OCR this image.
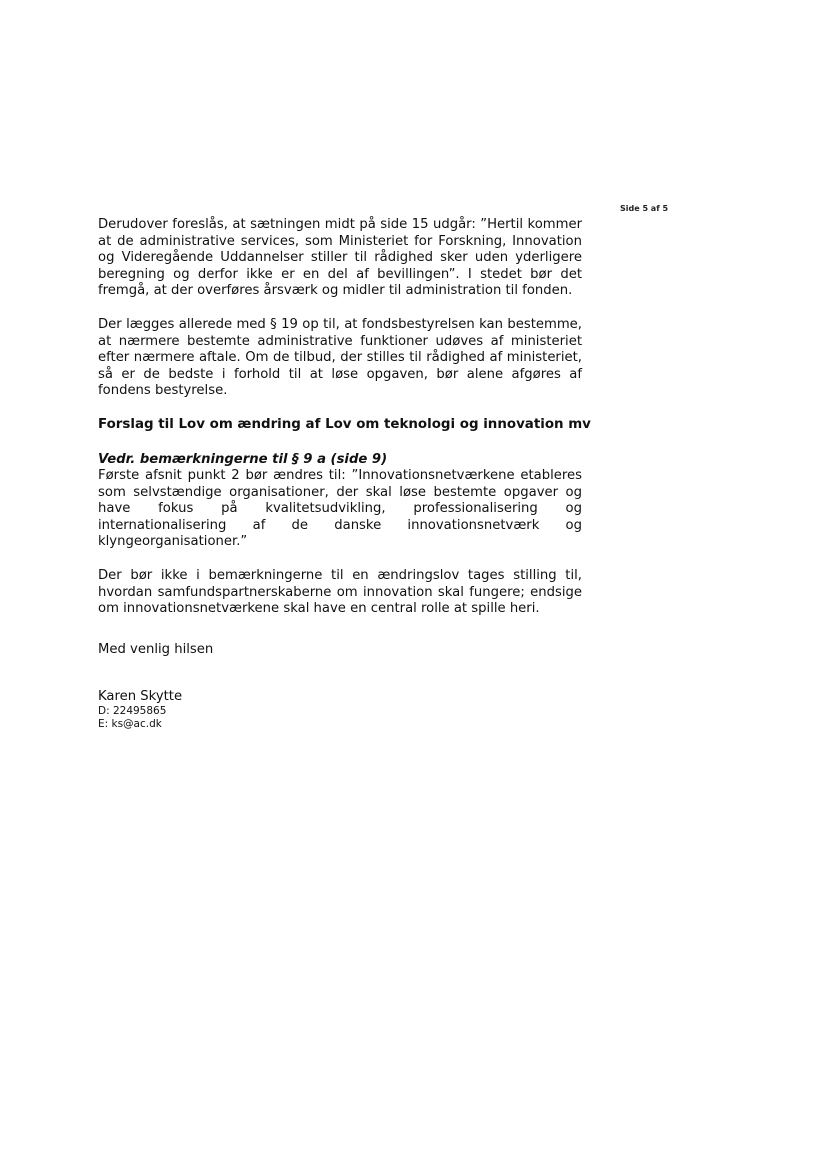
Side 5 af 5

Derudover foreslås, at sætningen midt på side 15 udgår: ”Hertil kommer at de administrative services, som Ministeriet for Forskning, Innovation og Videregående Uddannelser stiller til rådighed sker uden yderligere beregning og derfor ikke er en del af bevillingen”. I stedet bør det fremgå, at der overføres årsværk og midler til administration til fonden.

Der lægges allerede med § 19 op til, at fondsbestyrelsen kan bestemme, at nærmere bestemte administrative funktioner udøves af ministeriet efter nærmere aftale. Om de tilbud, der stilles til rådighed af ministeriet, så er de bedste i forhold til at løse opgaven, bør alene afgøres af fondens bestyrelse.

Forslag til Lov om ændring af Lov om teknologi og innovation mv

Vedr. bemærkningerne til § 9 a (side 9)

Første afsnit punkt 2 bør ændres til: ”Innovationsnetværkene etableres som selvstændige organisationer, der skal løse bestemte opgaver og have fokus på kvalitetsudvikling, professionalisering og internationalisering af de danske innovationsnetværk og klyngeorganisationer.”

Der bør ikke i bemærkningerne til en ændringslov tages stilling til, hvordan samfundspartnerskaberne om innovation skal fungere; endsige om innovationsnetværkene skal have en central rolle at spille heri.

Med venlig hilsen

Karen Skytte

D: 22495865

E: ks@ac.dk
